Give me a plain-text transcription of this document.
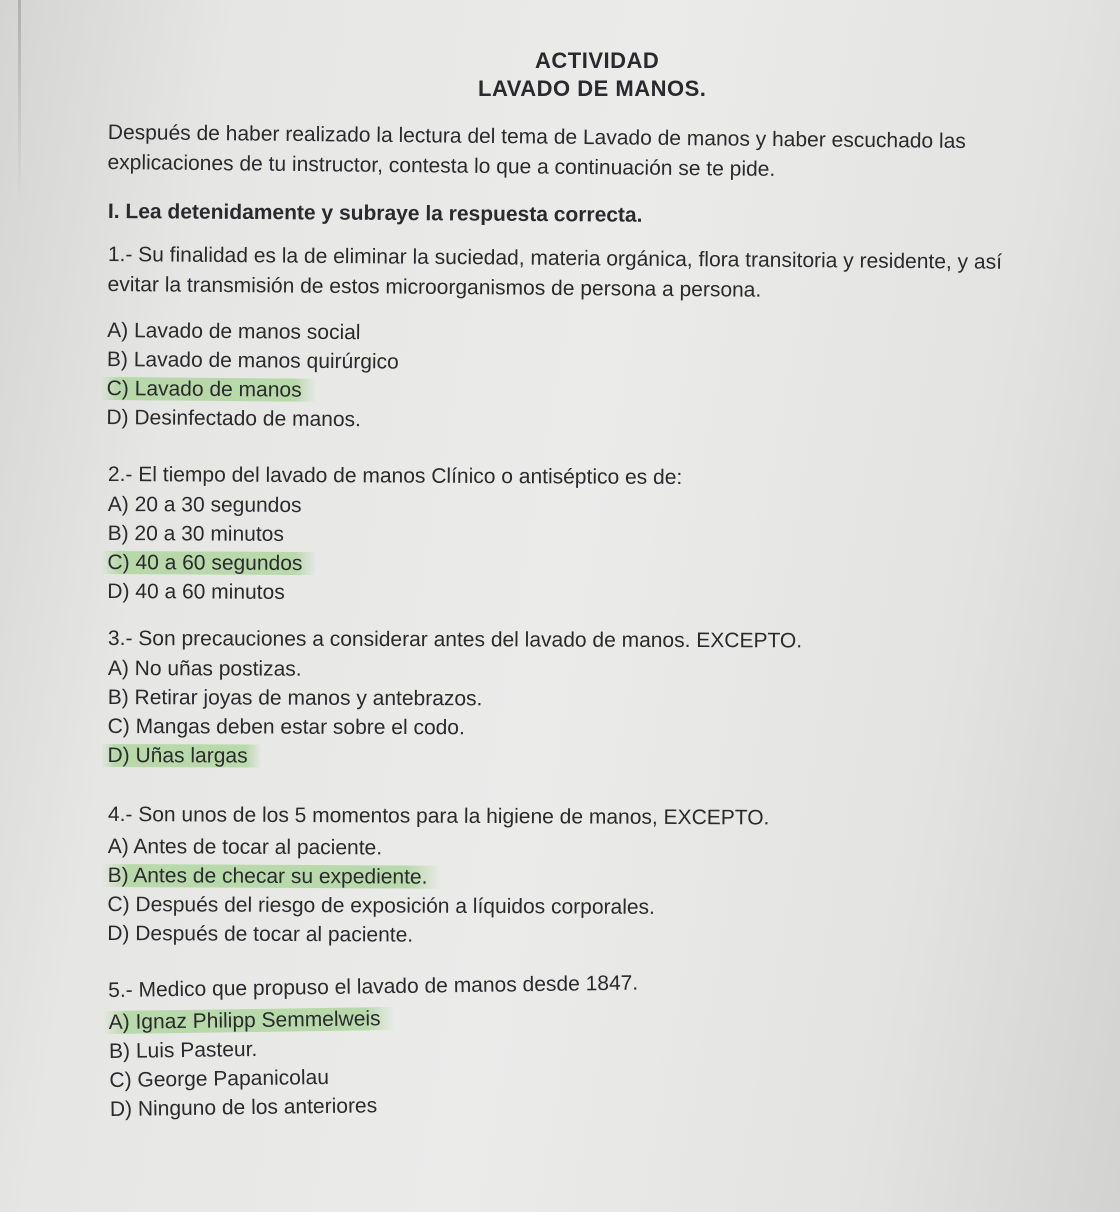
ACTIVIDAD
LAVADO DE MANOS.
Después de haber realizado la lectura del tema de Lavado de manos y haber escuchado las explicaciones de tu instructor, contesta lo que a continuación se te pide.
I. Lea detenidamente y subraye la respuesta correcta.
1.- Su finalidad es la de eliminar la suciedad, materia orgánica, flora transitoria y residente, y así evitar la transmisión de estos microorganismos de persona a persona.
A) Lavado de manos social
B) Lavado de manos quirúrgico
C) Lavado de manos
D) Desinfectado de manos.
2.- El tiempo del lavado de manos Clínico o antiséptico es de:
A) 20 a 30 segundos
B) 20 a 30 minutos
C) 40 a 60 segundos
D) 40 a 60 minutos
3.- Son precauciones a considerar antes del lavado de manos. EXCEPTO.
A) No uñas postizas.
B) Retirar joyas de manos y antebrazos.
C) Mangas deben estar sobre el codo.
D) Uñas largas
4.- Son unos de los 5 momentos para la higiene de manos, EXCEPTO.
A) Antes de tocar al paciente.
B) Antes de checar su expediente.
C) Después del riesgo de exposición a líquidos corporales.
D) Después de tocar al paciente.
5.- Medico que propuso el lavado de manos desde 1847.
A) Ignaz Philipp Semmelweis
B) Luis Pasteur.
C) George Papanicolau
D) Ninguno de los anteriores
